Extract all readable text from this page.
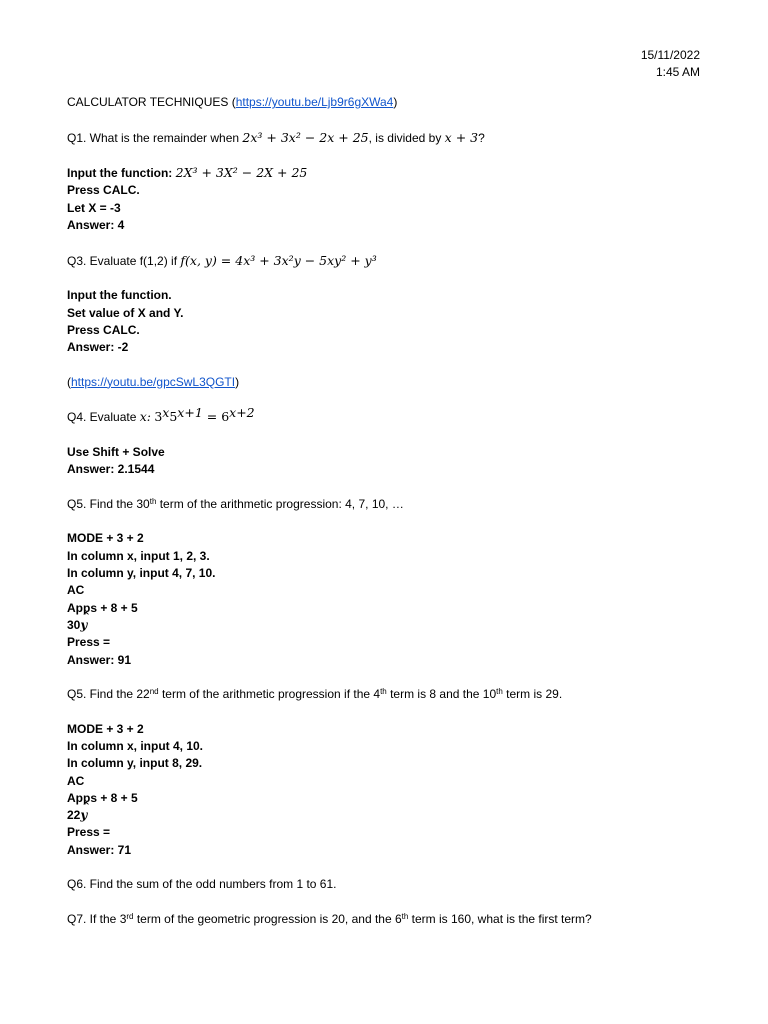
15/11/2022
1:45 AM
CALCULATOR TECHNIQUES (https://youtu.be/Ljb9r6gXWa4)
Q1. What is the remainder when 2x³ + 3x² − 2x + 25, is divided by x + 3?
Input the function: 2X³ + 3X² − 2X + 25
Press CALC.
Let X = -3
Answer: 4
Q3. Evaluate f(1,2) if f(x, y) = 4x³ + 3x²y − 5xy² + y³
Input the function.
Set value of X and Y.
Press CALC.
Answer: -2
(https://youtu.be/gpcSwL3QGTI)
Q4. Evaluate x: $3^x5^{x+1} = 6^{x+2}$
Use Shift + Solve
Answer: 2.1544
Q5. Find the 30th term of the arithmetic progression: 4, 7, 10, …
MODE + 3 + 2
In column x, input 1, 2, 3.
In column y, input 4, 7, 10.
AC
Apps + 8 + 5
30^ y
Press =
Answer: 91
Q5. Find the 22nd term of the arithmetic progression if the 4th term is 8 and the 10th term is 29.
MODE + 3 + 2
In column x, input 4, 10.
In column y, input 8, 29.
AC
Apps + 8 + 5
22^ y
Press =
Answer: 71
Q6. Find the sum of the odd numbers from 1 to 61.
Q7. If the 3rd term of the geometric progression is 20, and the 6th term is 160, what is the first term?
